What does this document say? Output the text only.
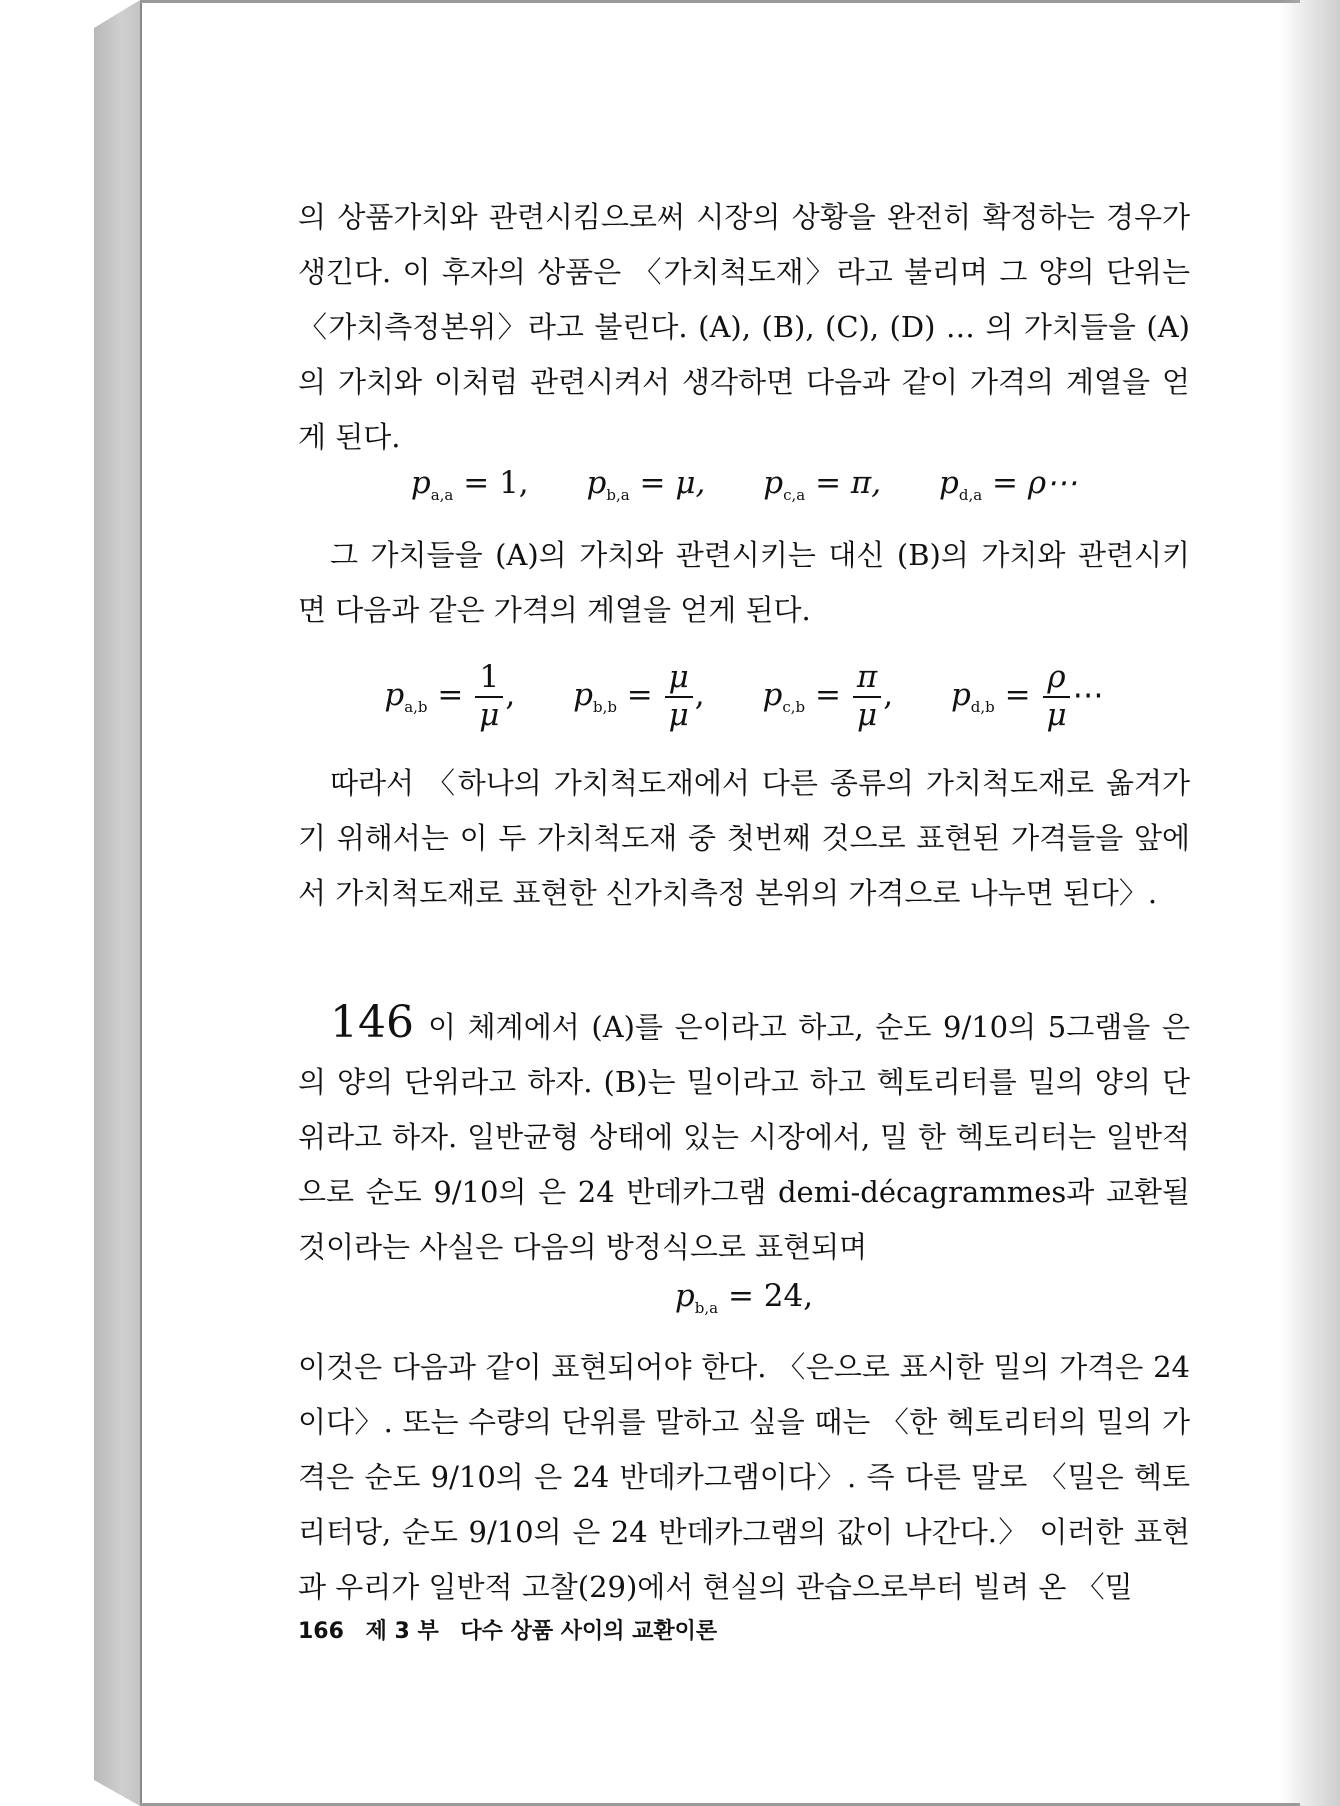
의 상품가치와 관련시킴으로써 시장의 상황을 완전히 확정하는 경우가 생긴다. 이 후자의 상품은 〈가치척도재〉라고 불리며 그 양의 단위는 〈가치측정본위〉라고 불린다. (A), (B), (C), (D) … 의 가치들을 (A)의 가치와 이처럼 관련시켜서 생각하면 다음과 같이 가격의 계열을 얻게 된다.

$p_{a,a} = 1$, $p_{b,a} = \mu$, $p_{c,a} = \pi$, $p_{d,a}$ = ρ⋯

그 가치들을 (A)의 가치와 관련시키는 대신 (B)의 가치와 관련시키면 다음과 같은 가격의 계열을 얻게 된다.

$p_{a,b} = \frac{1}{\mu}$ , $p_{b,b} = \frac{\mu}{\mu}$ , $p_{c,b} = \frac{\pi}{\mu}$ , $p_{d,b} = \frac{\rho}{\mu}$ ⋯

따라서 〈하나의 가치척도재에서 다른 종류의 가치척도재로 옮겨가기 위해서는 이 두 가치척도재 중 첫번째 것으로 표현된 가격들을 앞에서 가치척도재로 표현한 신가치측정 본위의 가격으로 나누면 된다〉.

146 이 체계에서 (A)를 은이라고 하고, 순도 9/10의 5그램을 은의 양의 단위라고 하자. (B)는 밀이라고 하고 헥토리터를 밀의 양의 단위라고 하자. 일반균형 상태에 있는 시장에서, 밀 한 헥토리터는 일반적으로 순도 9/10의 은 24 반데카그램 demi-décagrammes과 교환될 것이라는 사실은 다음의 방정식으로 표현되며

$p_{b,a} = 24$,

이것은 다음과 같이 표현되어야 한다. 〈은으로 표시한 밀의 가격은 24이다〉. 또는 수량의 단위를 말하고 싶을 때는 〈한 헥토리터의 밀의 가격은 순도 9/10의 은 24 반데카그램이다〉. 즉 다른 말로 〈밀은 헥토리터당, 순도 9/10의 은 24 반데카그램의 값이 나간다.〉 이러한 표현과 우리가 일반적 고찰(29)에서 현실의 관습으로부터 빌려 온 〈밀

166 제 3 부 다수 상품 사이의 교환이론
